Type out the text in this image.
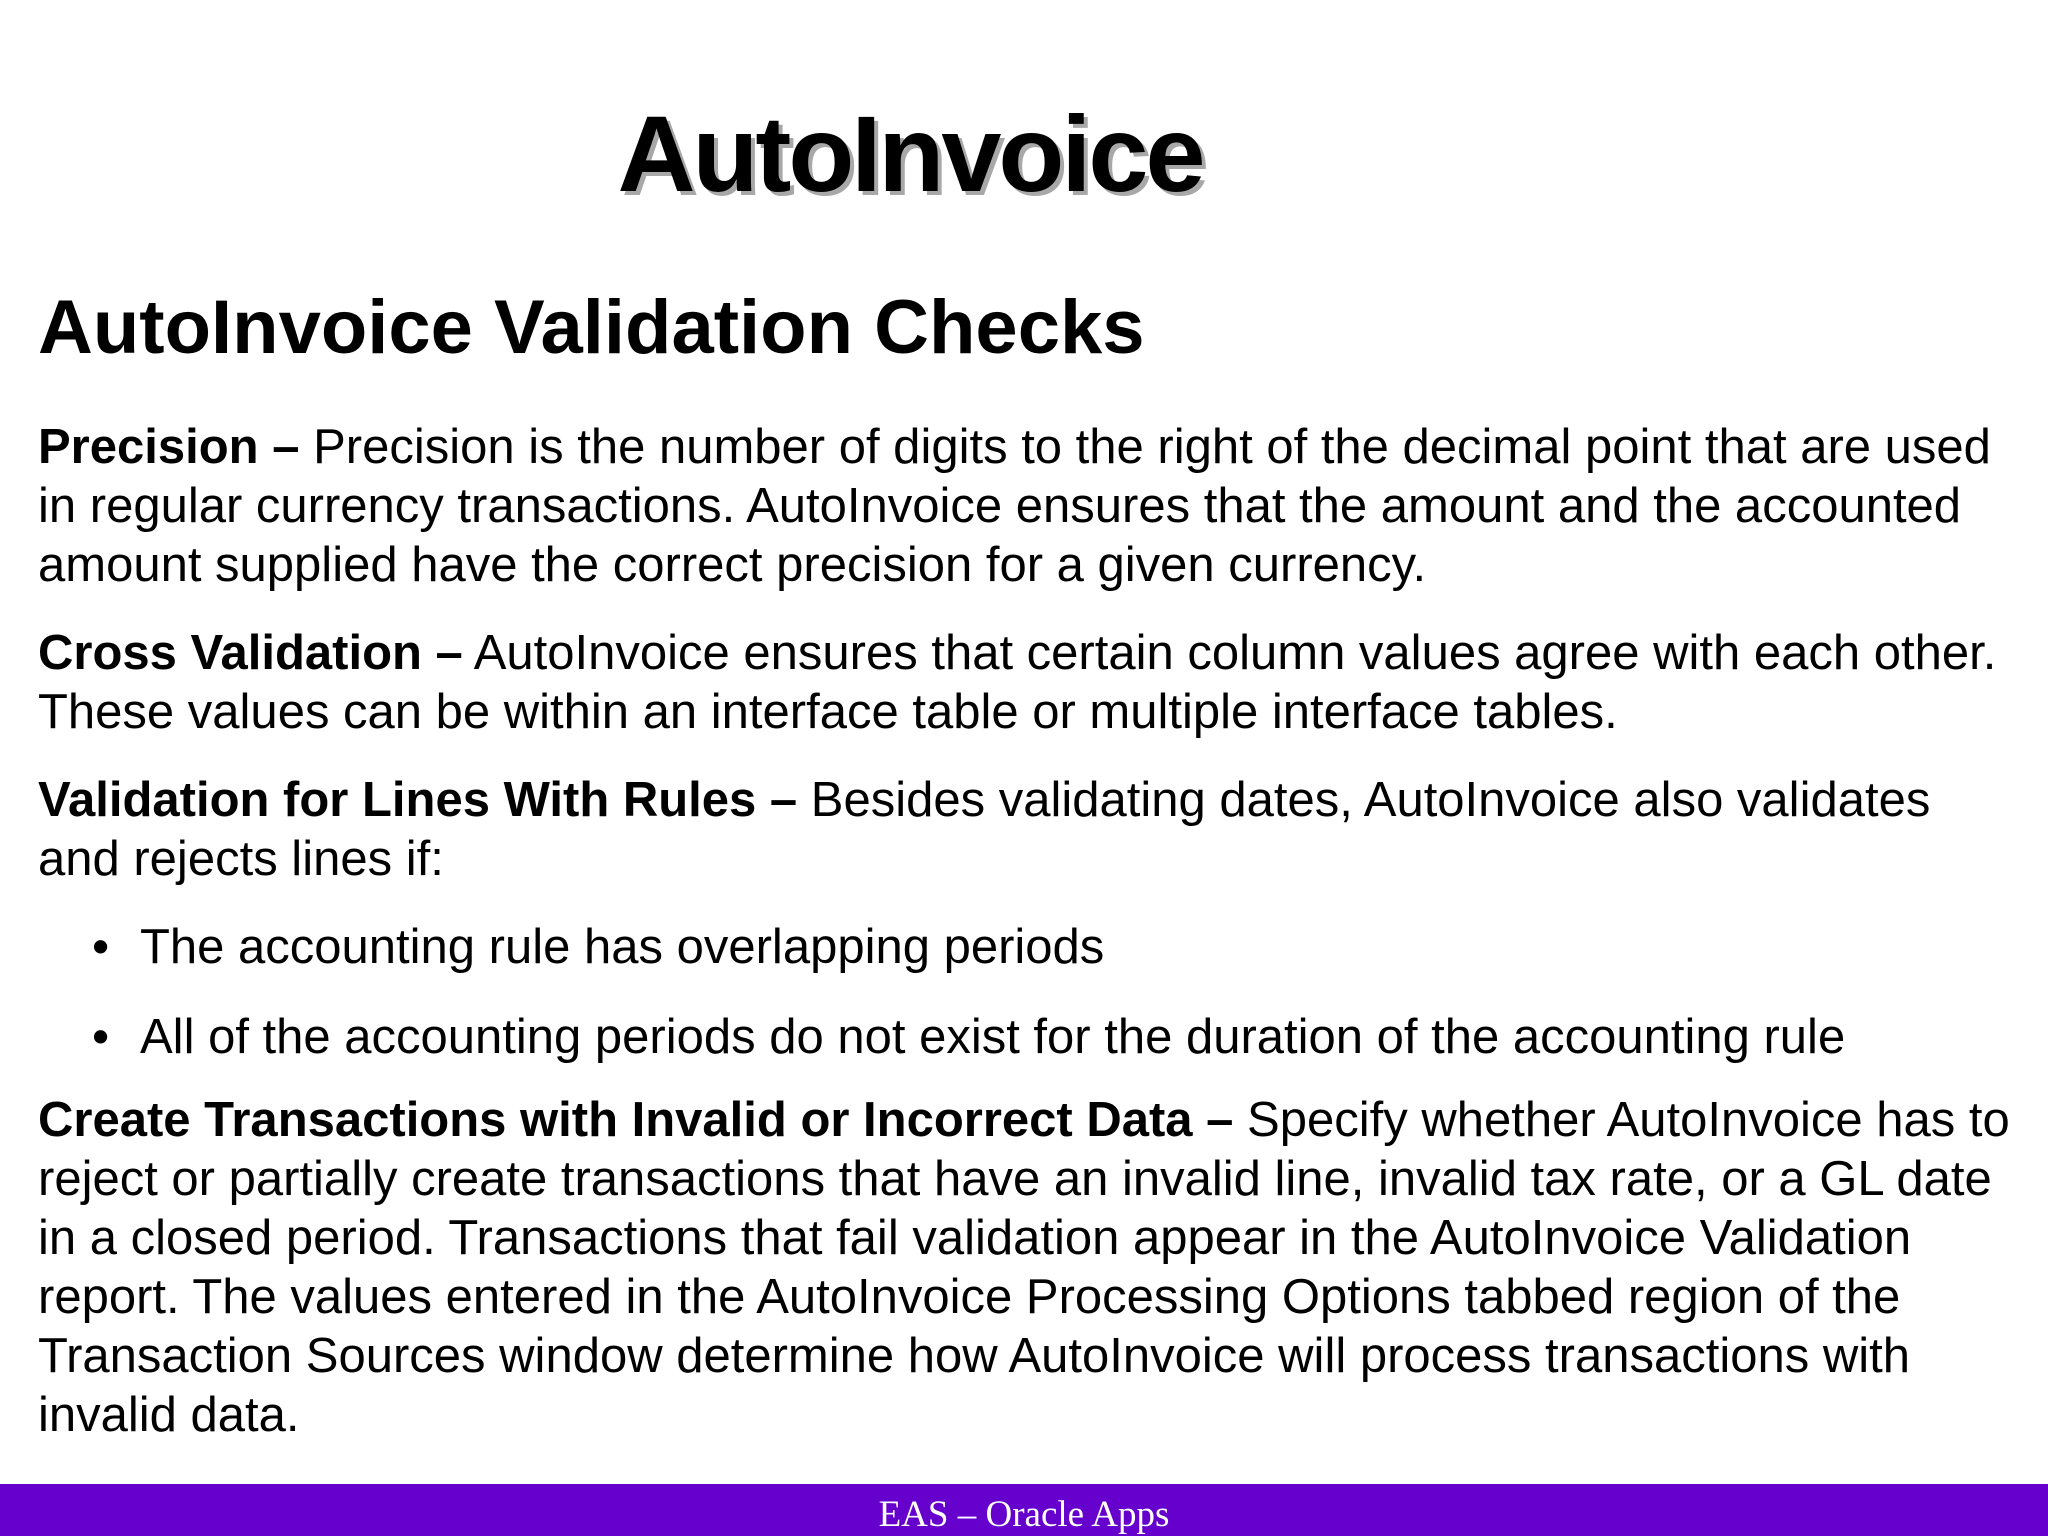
AutoInvoice
AutoInvoice Validation Checks

Precision – Precision is the number of digits to the right of the decimal point that are used in regular currency transactions. AutoInvoice ensures that the amount and the accounted amount supplied have the correct precision for a given currency.

Cross Validation – AutoInvoice ensures that certain column values agree with each other. These values can be within an interface table or multiple interface tables.

Validation for Lines With Rules – Besides validating dates, AutoInvoice also validates and rejects lines if:

• The accounting rule has overlapping periods
• All of the accounting periods do not exist for the duration of the accounting rule

Create Transactions with Invalid or Incorrect Data – Specify whether AutoInvoice has to reject or partially create transactions that have an invalid line, invalid tax rate, or a GL date in a closed period. Transactions that fail validation appear in the AutoInvoice Validation report. The values entered in the AutoInvoice Processing Options tabbed region of the Transaction Sources window determine how AutoInvoice will process transactions with invalid data.

EAS – Oracle Apps
